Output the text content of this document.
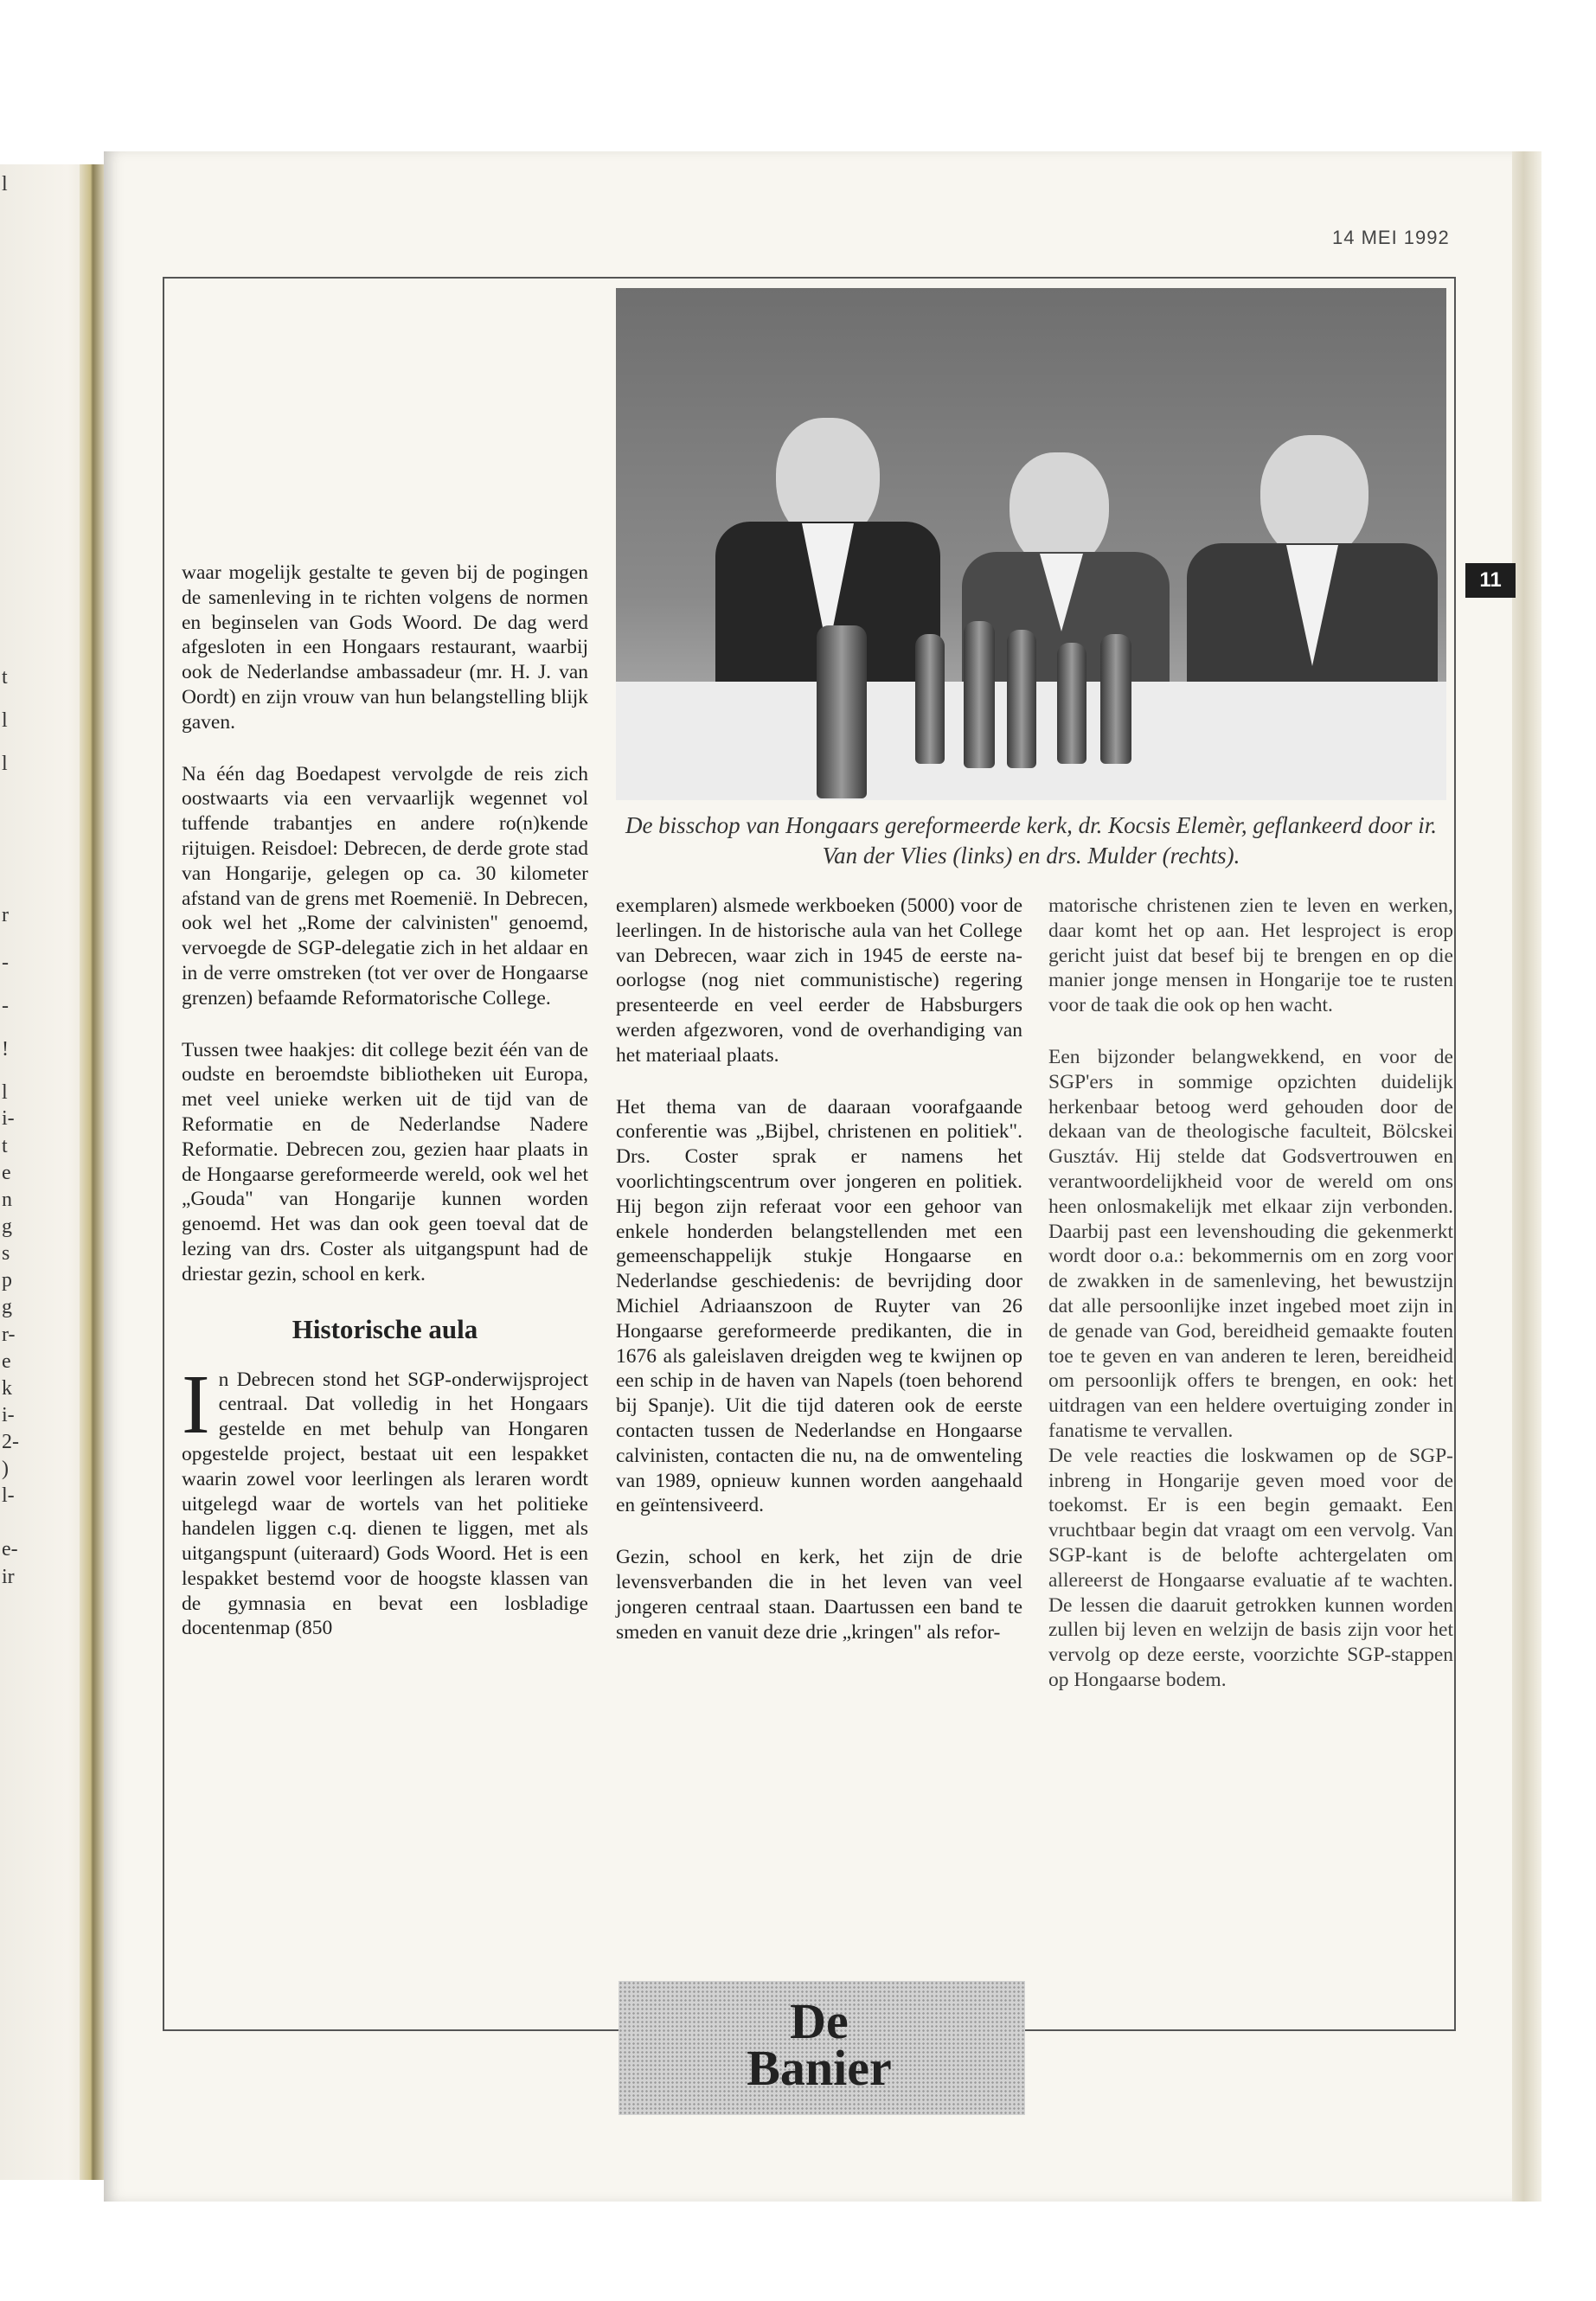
l
t
l
l
r
-
-
!
l
i-
t
e
n
g
s
p
g
r-
e
k
i-
2-
)
l-
e-
ir
14 MEI 1992
De bisschop van Hongaars gereformeerde kerk, dr. Kocsis Elemèr, geflankeerd door ir. Van der Vlies (links) en drs. Mulder (rechts).
11

waar mogelijk gestalte te geven bij de pogingen de samenleving in te richten volgens de normen en beginselen van Gods Woord. De dag werd afgesloten in een Hongaars restaurant, waarbij ook de Nederlandse ambassadeur (mr. H. J. van Oordt) en zijn vrouw van hun belangstelling blijk gaven.

Na één dag Boedapest vervolgde de reis zich oostwaarts via een vervaarlijk wegennet vol tuffende trabantjes en andere ro(n)kende rijtuigen. Reisdoel: Debrecen, de derde grote stad van Hongarije, gelegen op ca. 30 kilometer afstand van de grens met Roemenië. In Debrecen, ook wel het „Rome der calvinisten" genoemd, vervoegde de SGP-delegatie zich in het aldaar en in de verre omstreken (tot ver over de Hongaarse grenzen) befaamde Reformatorische College.

Tussen twee haakjes: dit college bezit één van de oudste en beroemdste bibliotheken uit Europa, met veel unieke werken uit de tijd van de Reformatie en de Nederlandse Nadere Reformatie. Debrecen zou, gezien haar plaats in de Hongaarse gereformeerde wereld, ook wel het „Gouda" van Hongarije kunnen worden genoemd. Het was dan ook geen toeval dat de lezing van drs. Coster als uitgangspunt had de driestar gezin, school en kerk.

Historische aula

In Debrecen stond het SGP-onderwijsproject centraal. Dat volledig in het Hongaars gestelde en met behulp van Hongaren opgestelde project, bestaat uit een lespakket waarin zowel voor leerlingen als leraren wordt uitgelegd waar de wortels van het politieke handelen liggen c.q. dienen te liggen, met als uitgangspunt (uiteraard) Gods Woord. Het is een lespakket bestemd voor de hoogste klassen van de gymnasia en bevat een losbladige docentenmap (850

exemplaren) alsmede werkboeken (5000) voor de leerlingen. In de historische aula van het College van Debrecen, waar zich in 1945 de eerste na-oorlogse (nog niet communistische) regering presenteerde en veel eerder de Habsburgers werden afgezworen, vond de overhandiging van het materiaal plaats.

Het thema van de daaraan voorafgaande conferentie was „Bijbel, christenen en politiek". Drs. Coster sprak er namens het voorlichtingscentrum over jongeren en politiek. Hij begon zijn referaat voor een gehoor van enkele honderden belangstellenden met een gemeenschappelijk stukje Hongaarse en Nederlandse geschiedenis: de bevrijding door Michiel Adriaanszoon de Ruyter van 26 Hongaarse gereformeerde predikanten, die in 1676 als galeislaven dreigden weg te kwijnen op een schip in de haven van Napels (toen behorend bij Spanje). Uit die tijd dateren ook de eerste contacten tussen de Nederlandse en Hongaarse calvinisten, contacten die nu, na de omwenteling van 1989, opnieuw kunnen worden aangehaald en geïntensiveerd.

Gezin, school en kerk, het zijn de drie levensverbanden die in het leven van veel jongeren centraal staan. Daartussen een band te smeden en vanuit deze drie „kringen" als refor-

matorische christenen zien te leven en werken, daar komt het op aan. Het lesproject is erop gericht juist dat besef bij te brengen en op die manier jonge mensen in Hongarije toe te rusten voor de taak die ook op hen wacht.

Een bijzonder belangwekkend, en voor de SGP'ers in sommige opzichten duidelijk herkenbaar betoog werd gehouden door de dekaan van de theologische faculteit, Bölcskei Gusztáv. Hij stelde dat Godsvertrouwen en verantwoordelijkheid voor de wereld om ons heen onlosmakelijk met elkaar zijn verbonden. Daarbij past een levenshouding die gekenmerkt wordt door o.a.: bekommernis om en zorg voor de zwakken in de samenleving, het bewustzijn dat alle persoonlijke inzet ingebed moet zijn in de genade van God, bereidheid gemaakte fouten toe te geven en van anderen te leren, bereidheid om persoonlijk offers te brengen, en ook: het uitdragen van een heldere overtuiging zonder in fanatisme te vervallen.

De vele reacties die loskwamen op de SGP-inbreng in Hongarije geven moed voor de toekomst. Er is een begin gemaakt. Een vruchtbaar begin dat vraagt om een vervolg. Van SGP-kant is de belofte achtergelaten om allereerst de Hongaarse evaluatie af te wachten. De lessen die daaruit getrokken kunnen worden zullen bij leven en welzijn de basis zijn voor het vervolg op deze eerste, voorzichte SGP-stappen op Hongaarse bodem.

De
Banier
